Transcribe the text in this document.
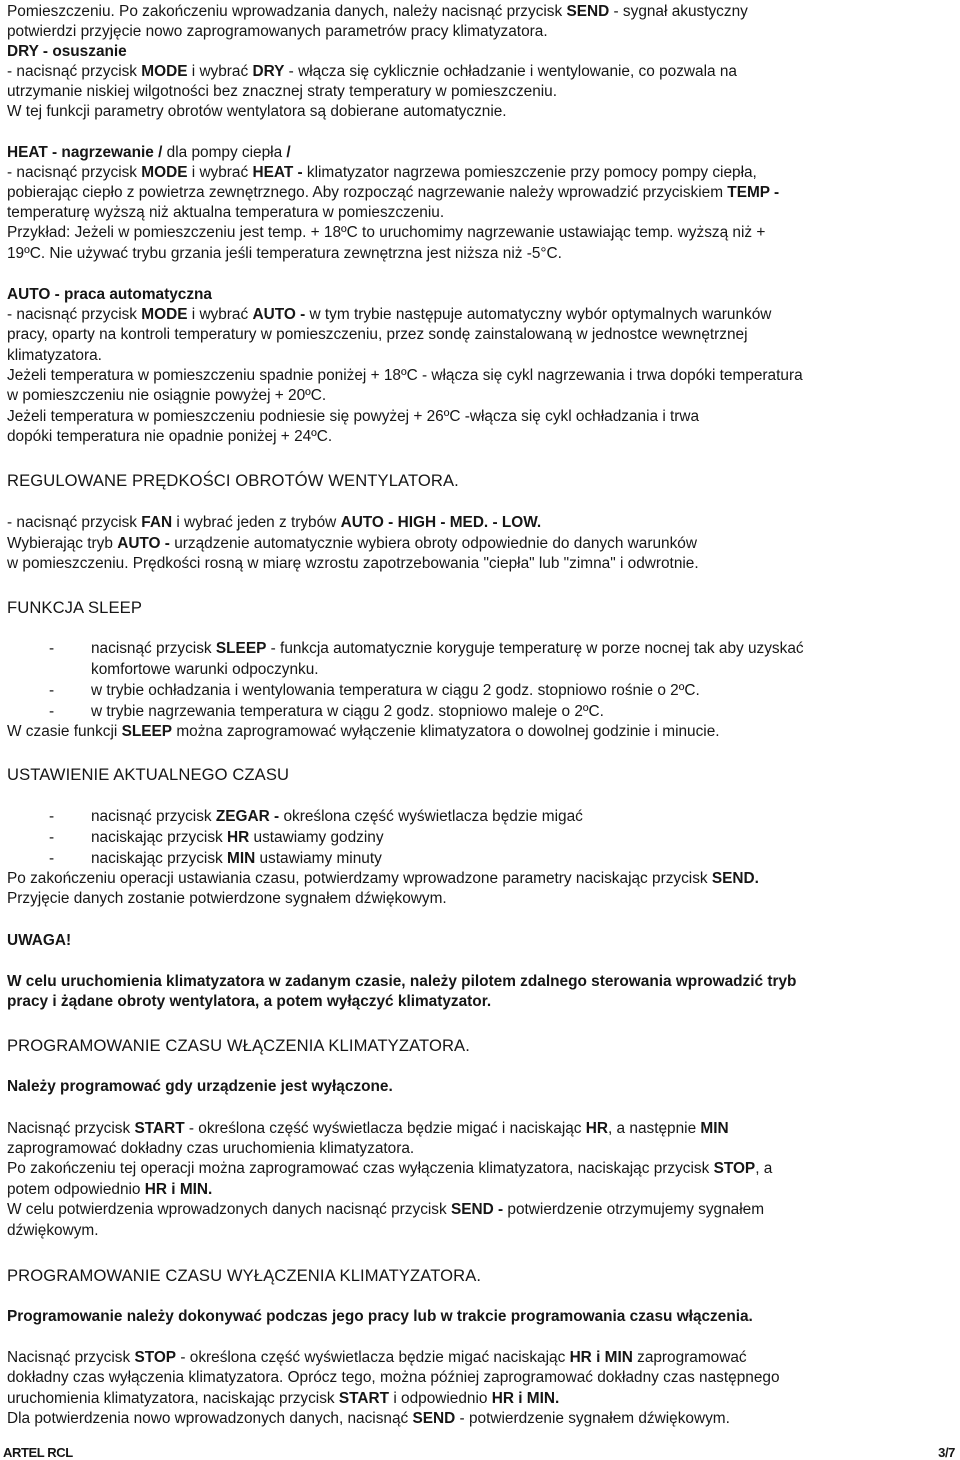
Pomieszczeniu. Po zakończeniu wprowadzania danych, należy nacisnąć przycisk SEND - sygnał akustyczny
potwierdzi przyjęcie nowo zaprogramowanych parametrów pracy klimatyzatora.
DRY - osuszanie
- nacisnąć przycisk MODE i wybrać DRY - włącza się cyklicznie ochładzanie i wentylowanie, co pozwala na
utrzymanie niskiej wilgotności bez znacznej straty temperatury w pomieszczeniu.
W tej funkcji parametry obrotów wentylatora są dobierane automatycznie.
HEAT - nagrzewanie / dla pompy ciepła /
- nacisnąć przycisk MODE i wybrać HEAT - klimatyzator nagrzewa pomieszczenie przy pomocy pompy ciepła,
pobierając ciepło z powietrza zewnętrznego. Aby rozpocząć nagrzewanie należy wprowadzić przyciskiem TEMP -
temperaturę wyższą niż aktualna temperatura w pomieszczeniu.
Przykład: Jeżeli w pomieszczeniu jest temp. + 18ºC to uruchomimy nagrzewanie ustawiając temp. wyższą niż +
19ºC. Nie używać trybu grzania jeśli temperatura zewnętrzna jest niższa niż -5°C.
AUTO - praca automatyczna
- nacisnąć przycisk MODE i wybrać AUTO - w tym trybie następuje automatyczny wybór optymalnych warunków
pracy, oparty na kontroli temperatury w pomieszczeniu, przez sondę zainstalowaną w jednostce wewnętrznej
klimatyzatora.
Jeżeli temperatura w pomieszczeniu spadnie poniżej + 18ºC - włącza się cykl nagrzewania i trwa dopóki temperatura
w pomieszczeniu nie osiągnie powyżej + 20ºC.
Jeżeli temperatura w pomieszczeniu podniesie się powyżej + 26ºC -włącza się cykl ochładzania i trwa
dopóki temperatura nie opadnie poniżej + 24ºC.
REGULOWANE PRĘDKOŚCI OBROTÓW WENTYLATORA.
- nacisnąć przycisk FAN i wybrać jeden z trybów AUTO - HIGH - MED. - LOW.
Wybierając tryb AUTO - urządzenie automatycznie wybiera obroty odpowiednie do danych warunków
w pomieszczeniu. Prędkości rosną w miarę wzrostu zapotrzebowania "ciepła" lub "zimna" i odwrotnie.
FUNKCJA SLEEP
- nacisnąć przycisk SLEEP - funkcja automatycznie koryguje temperaturę w porze nocnej tak aby uzyskać
komfortowe warunki odpoczynku.
- w trybie ochładzania i wentylowania temperatura w ciągu 2 godz. stopniowo rośnie o 2ºC.
- w trybie nagrzewania temperatura w ciągu 2 godz. stopniowo maleje o 2ºC.
W czasie funkcji SLEEP można zaprogramować wyłączenie klimatyzatora o dowolnej godzinie i minucie.
USTAWIENIE AKTUALNEGO CZASU
- nacisnąć przycisk ZEGAR - określona część wyświetlacza będzie migać
- naciskając przycisk HR ustawiamy godziny
- naciskając przycisk MIN ustawiamy minuty
Po zakończeniu operacji ustawiania czasu, potwierdzamy wprowadzone parametry naciskając przycisk SEND.
Przyjęcie danych zostanie potwierdzone sygnałem dźwiękowym.
UWAGA!
W celu uruchomienia klimatyzatora w zadanym czasie, należy pilotem zdalnego sterowania wprowadzić tryb
pracy i żądane obroty wentylatora, a potem wyłączyć klimatyzator.
PROGRAMOWANIE CZASU WŁĄCZENIA KLIMATYZATORA.
Należy programować gdy urządzenie jest wyłączone.
Nacisnąć przycisk START - określona część wyświetlacza będzie migać i naciskając HR, a następnie MIN
zaprogramować dokładny czas uruchomienia klimatyzatora.
Po zakończeniu tej operacji można zaprogramować czas wyłączenia klimatyzatora, naciskając przycisk STOP, a
potem odpowiednio HR i MIN.
W celu potwierdzenia wprowadzonych danych nacisnąć przycisk SEND - potwierdzenie otrzymujemy sygnałem
dźwiękowym.
PROGRAMOWANIE CZASU WYŁĄCZENIA KLIMATYZATORA.
Programowanie należy dokonywać podczas jego pracy lub w trakcie programowania czasu włączenia.
Nacisnąć przycisk STOP - określona część wyświetlacza będzie migać naciskając HR i MIN zaprogramować
dokładny czas wyłączenia klimatyzatora. Oprócz tego, można później zaprogramować dokładny czas następnego
uruchomienia klimatyzatora, naciskając przycisk START i odpowiednio HR i MIN.
Dla potwierdzenia nowo wprowadzonych danych, nacisnąć SEND - potwierdzenie sygnałem dźwiękowym.
ARTEL RCL	3/7
